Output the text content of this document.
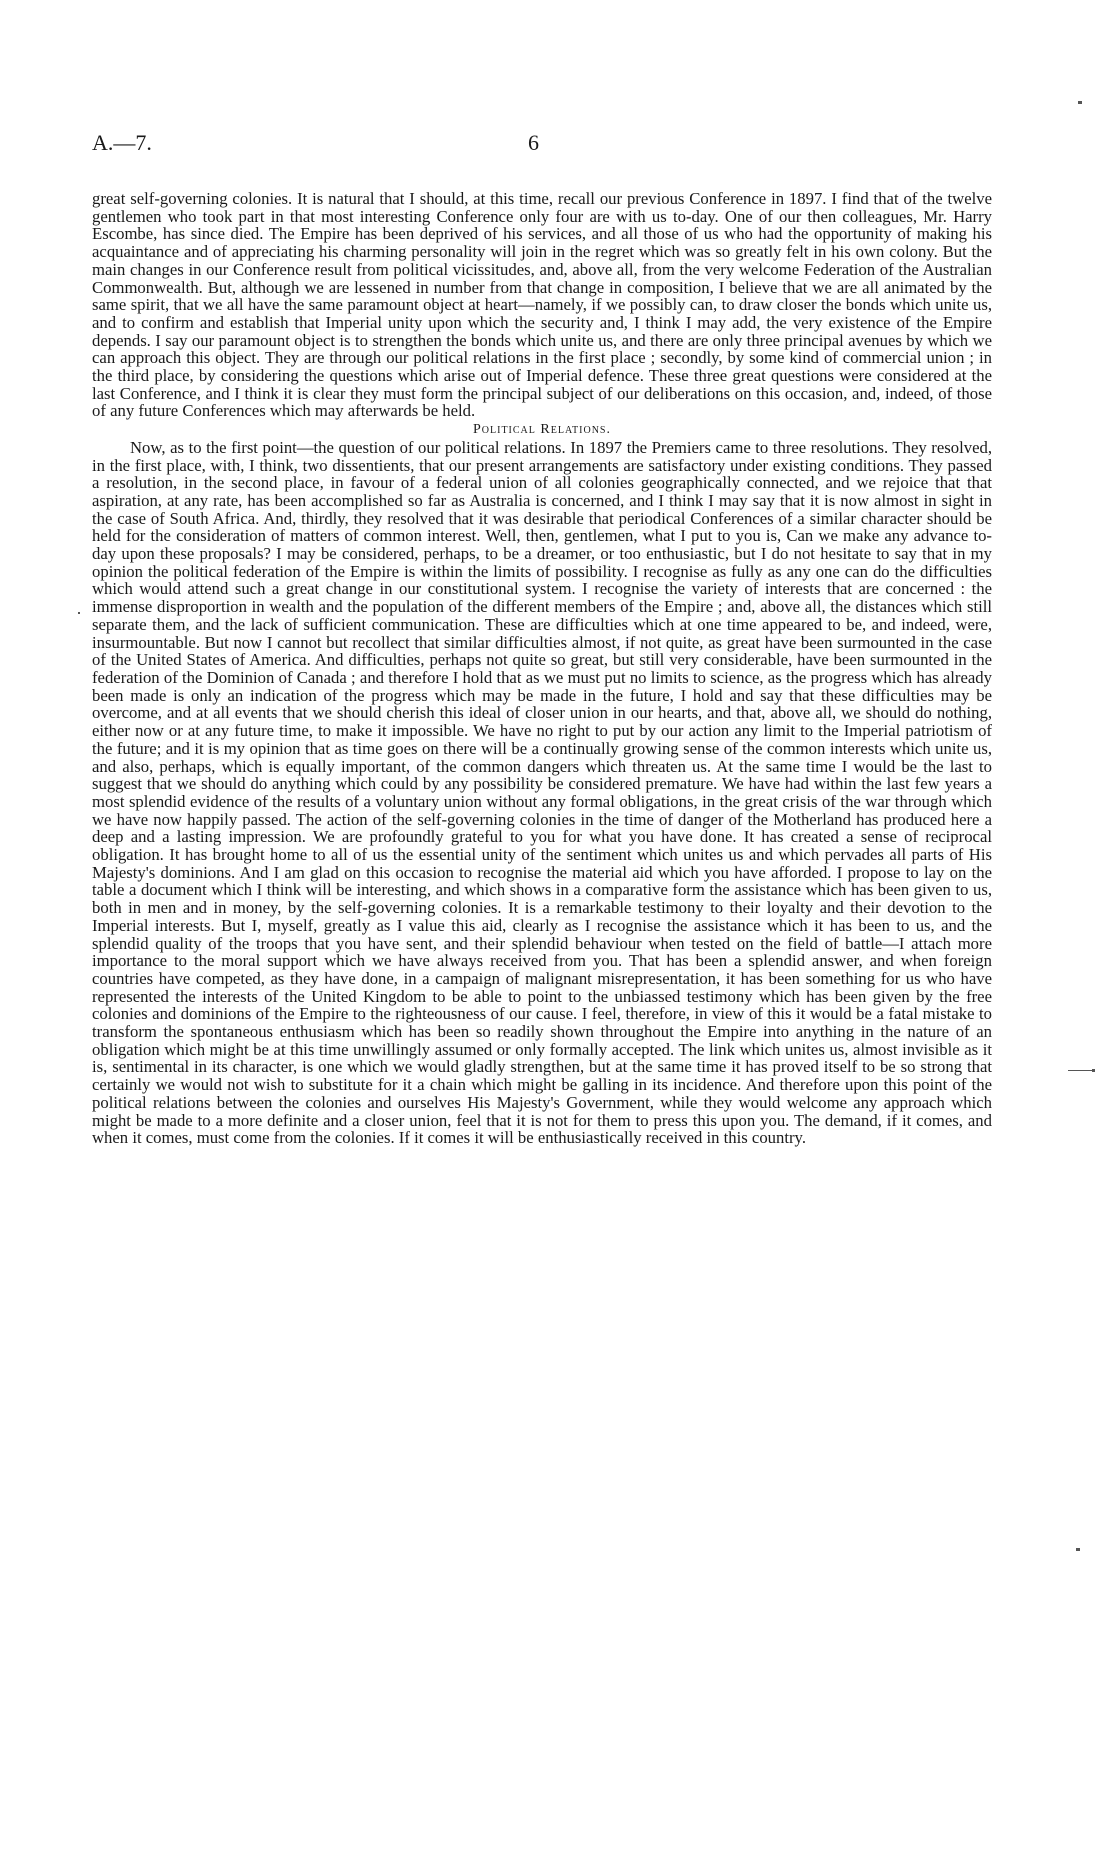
A.—7.	6

great self-governing colonies. It is natural that I should, at this time, recall our previous Conference in 1897. I find that of the twelve gentlemen who took part in that most interesting Conference only four are with us to-day. One of our then colleagues, Mr. Harry Escombe, has since died. The Empire has been deprived of his services, and all those of us who had the opportunity of making his acquaintance and of appreciating his charming personality will join in the regret which was so greatly felt in his own colony. But the main changes in our Conference result from political vicissitudes, and, above all, from the very welcome Federation of the Australian Commonwealth. But, although we are lessened in number from that change in composition, I believe that we are all animated by the same spirit, that we all have the same paramount object at heart—namely, if we possibly can, to draw closer the bonds which unite us, and to confirm and establish that Imperial unity upon which the security and, I think I may add, the very existence of the Empire depends. I say our paramount object is to strengthen the bonds which unite us, and there are only three principal avenues by which we can approach this object. They are through our political relations in the first place ; secondly, by some kind of commercial union ; in the third place, by considering the questions which arise out of Imperial defence. These three great questions were considered at the last Conference, and I think it is clear they must form the principal subject of our deliberations on this occasion, and, indeed, of those of any future Conferences which may afterwards be held.

Political Relations.

Now, as to the first point—the question of our political relations. In 1897 the Premiers came to three resolutions. They resolved, in the first place, with, I think, two dissentients, that our present arrangements are satisfactory under existing conditions. They passed a resolution, in the second place, in favour of a federal union of all colonies geographically connected, and we rejoice that that aspiration, at any rate, has been accomplished so far as Australia is concerned, and I think I may say that it is now almost in sight in the case of South Africa. And, thirdly, they resolved that it was desirable that periodical Conferences of a similar character should be held for the consideration of matters of common interest. Well, then, gentlemen, what I put to you is, Can we make any advance to-day upon these proposals? I may be considered, perhaps, to be a dreamer, or too enthusiastic, but I do not hesitate to say that in my opinion the political federation of the Empire is within the limits of possibility. I recognise as fully as any one can do the difficulties which would attend such a great change in our constitutional system. I recognise the variety of interests that are concerned : the immense disproportion in wealth and the population of the different members of the Empire ; and, above all, the distances which still separate them, and the lack of sufficient communication. These are difficulties which at one time appeared to be, and indeed, were, insurmountable. But now I cannot but recollect that similar difficulties almost, if not quite, as great have been surmounted in the case of the United States of America. And difficulties, perhaps not quite so great, but still very considerable, have been surmounted in the federation of the Dominion of Canada ; and therefore I hold that as we must put no limits to science, as the progress which has already been made is only an indication of the progress which may be made in the future, I hold and say that these difficulties may be overcome, and at all events that we should cherish this ideal of closer union in our hearts, and that, above all, we should do nothing, either now or at any future time, to make it impossible. We have no right to put by our action any limit to the Imperial patriotism of the future; and it is my opinion that as time goes on there will be a continually growing sense of the common interests which unite us, and also, perhaps, which is equally important, of the common dangers which threaten us. At the same time I would be the last to suggest that we should do anything which could by any possibility be considered premature. We have had within the last few years a most splendid evidence of the results of a voluntary union without any formal obligations, in the great crisis of the war through which we have now happily passed. The action of the self-governing colonies in the time of danger of the Motherland has produced here a deep and a lasting impression. We are profoundly grateful to you for what you have done. It has created a sense of reciprocal obligation. It has brought home to all of us the essential unity of the sentiment which unites us and which pervades all parts of His Majesty's dominions. And I am glad on this occasion to recognise the material aid which you have afforded. I propose to lay on the table a document which I think will be interesting, and which shows in a comparative form the assistance which has been given to us, both in men and in money, by the self-governing colonies. It is a remarkable testimony to their loyalty and their devotion to the Imperial interests. But I, myself, greatly as I value this aid, clearly as I recognise the assistance which it has been to us, and the splendid quality of the troops that you have sent, and their splendid behaviour when tested on the field of battle—I attach more importance to the moral support which we have always received from you. That has been a splendid answer, and when foreign countries have competed, as they have done, in a campaign of malignant misrepresentation, it has been something for us who have represented the interests of the United Kingdom to be able to point to the unbiassed testimony which has been given by the free colonies and dominions of the Empire to the righteousness of our cause. I feel, therefore, in view of this it would be a fatal mistake to transform the spontaneous enthusiasm which has been so readily shown throughout the Empire into anything in the nature of an obligation which might be at this time unwillingly assumed or only formally accepted. The link which unites us, almost invisible as it is, sentimental in its character, is one which we would gladly strengthen, but at the same time it has proved itself to be so strong that certainly we would not wish to substitute for it a chain which might be galling in its incidence. And therefore upon this point of the political relations between the colonies and ourselves His Majesty's Government, while they would welcome any approach which might be made to a more definite and a closer union, feel that it is not for them to press this upon you. The demand, if it comes, and when it comes, must come from the colonies. If it comes it will be enthusiastically received in this country.
